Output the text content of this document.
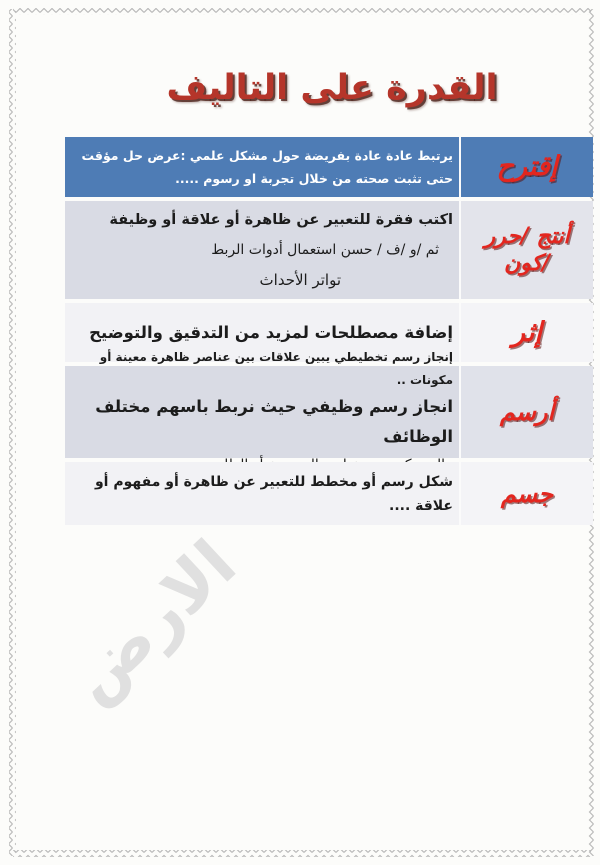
القدرة على التاليف
إقترح
يرتبط عادة عادة بفريضة حول مشكل علمي :عرض حل مؤقت حتى تثبت صحته من خلال تجربة او رسوم .....
أنتج /حرر
/كون
اكتب فقرة للتعبير عن ظاهرة أو علاقة أو وظيفة
ثم /و /ف / حسن استعمال أدوات الربط
تواتر الأحداث
إثر
إضافة مصطلحات لمزيد من التدقيق والتوضيح
أرسم
إنجاز رسم تخطيطي يبين علاقات بين عناصر ظاهرة معينة أو مكونات ..
انجاز رسم وظيفي حيث نربط باسهم مختلف الوظائف
جسم
شكل رسم أو مخطط للتعبير عن ظاهرة أو مفهوم أو علاقة ....
الارض
